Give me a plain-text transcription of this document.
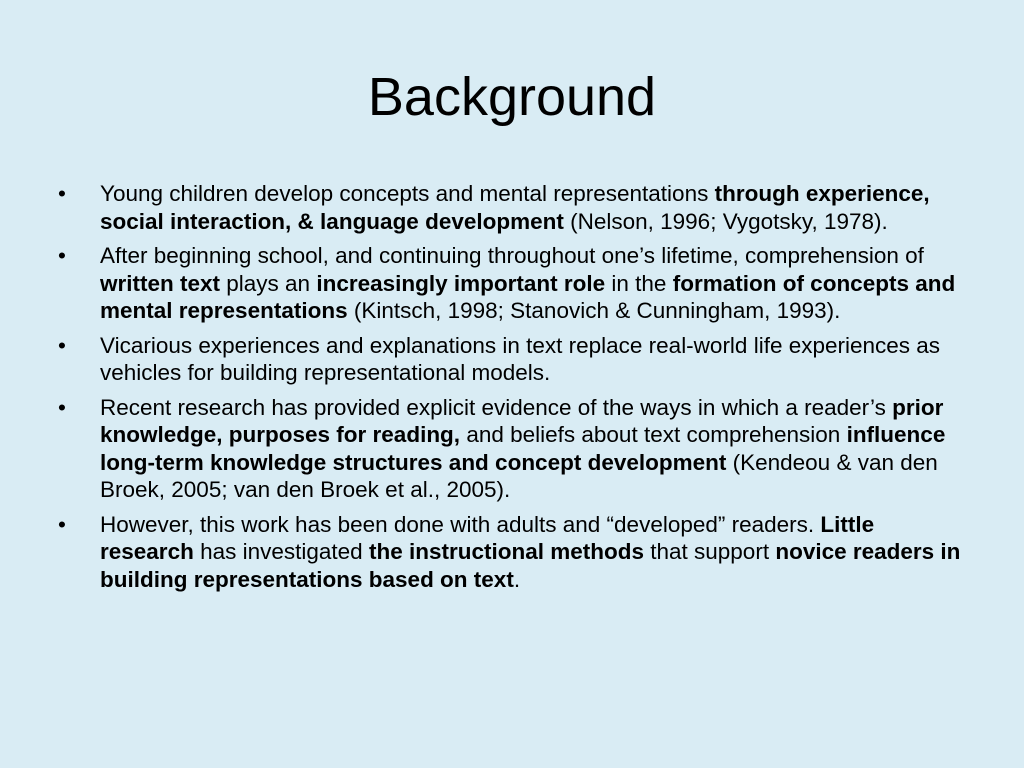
Background
•	Young children develop concepts and mental representations through experience, social interaction, & language development (Nelson, 1996; Vygotsky, 1978).
•	After beginning school, and continuing throughout one’s lifetime, comprehension of written text plays an increasingly important role in the formation of concepts and mental representations (Kintsch, 1998; Stanovich & Cunningham, 1993).
•	Vicarious experiences and explanations in text replace real-world life experiences as vehicles for building representational models.
•	Recent research has provided explicit evidence of the ways in which a reader’s prior knowledge, purposes for reading, and beliefs about text comprehension influence long-term knowledge structures and concept development (Kendeou & van den Broek, 2005; van den Broek et al., 2005).
•	However, this work has been done with adults and “developed” readers. Little research has investigated the instructional methods that support novice readers in building representations based on text.
